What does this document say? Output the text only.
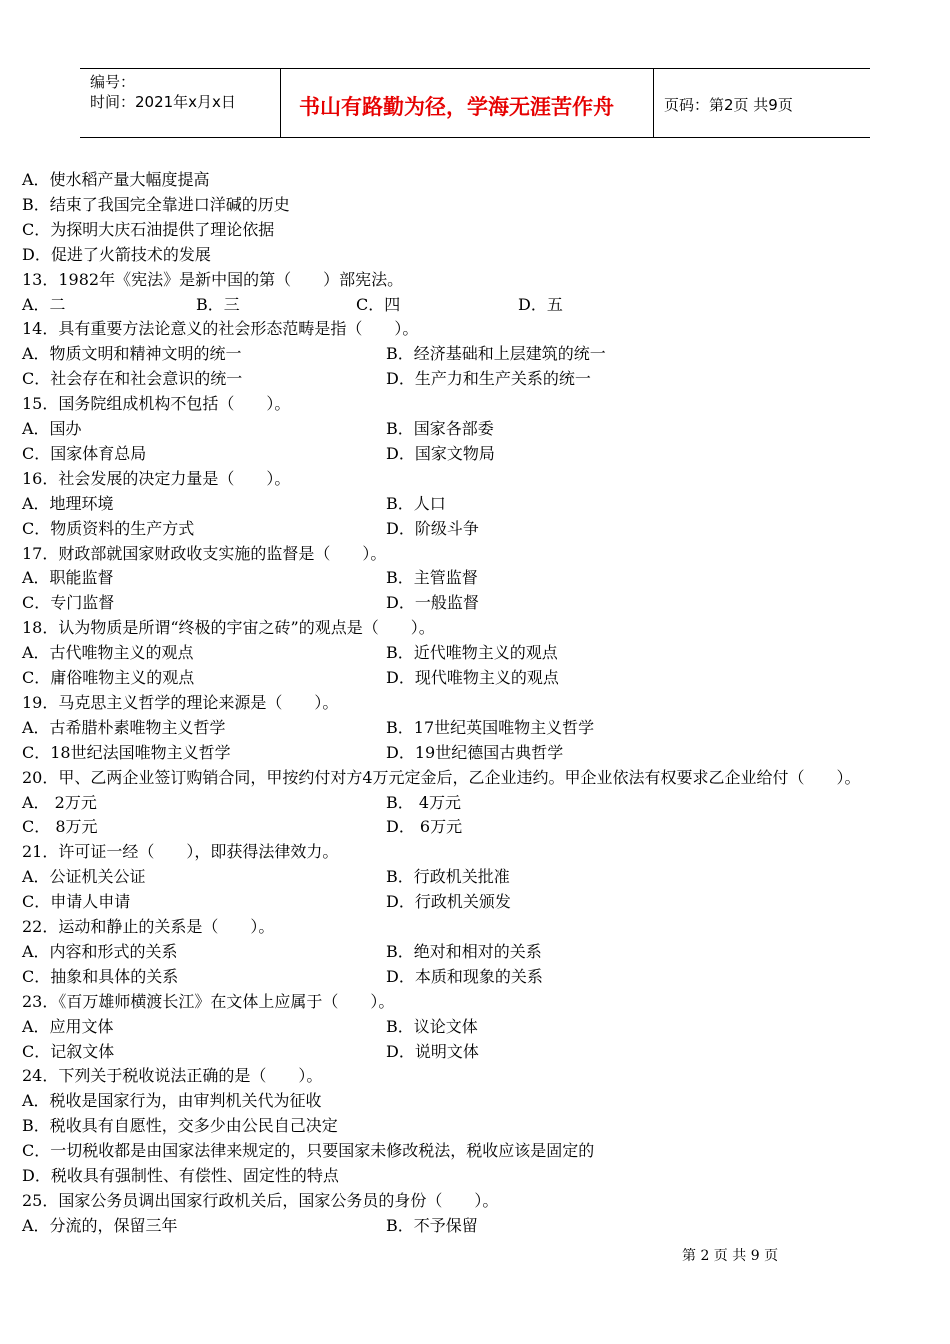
编号：
时间：2021年x月x日	书山有路勤为径，学海无涯苦作舟	页码：第2页 共9页
A．使水稻产量大幅度提高
B．结束了我国完全靠进口洋碱的历史
C．为探明大庆石油提供了理论依据
D．促进了火箭技术的发展
13．1982年《宪法》是新中国的第（　　）部宪法。
A．二	B．三	C．四	D．五
14．具有重要方法论意义的社会形态范畴是指（　　）。
A．物质文明和精神文明的统一	B．经济基础和上层建筑的统一
C．社会存在和社会意识的统一	D．生产力和生产关系的统一
15．国务院组成机构不包括（　　）。
A．国办	B．国家各部委
C．国家体育总局	D．国家文物局
16．社会发展的决定力量是（　　）。
A．地理环境	B．人口
C．物质资料的生产方式	D．阶级斗争
17．财政部就国家财政收支实施的监督是（　　）。
A．职能监督	B．主管监督
C．专门监督	D．一般监督
18．认为物质是所谓“终极的宇宙之砖”的观点是（　　）。
A．古代唯物主义的观点	B．近代唯物主义的观点
C．庸俗唯物主义的观点	D．现代唯物主义的观点
19．马克思主义哲学的理论来源是（　　）。
A．古希腊朴素唯物主义哲学	B．17世纪英国唯物主义哲学
C．18世纪法国唯物主义哲学	D．19世纪德国古典哲学
20．甲、乙两企业签订购销合同，甲按约付对方4万元定金后，乙企业违约。甲企业依法有权要求乙企业给付（　　）。
A． 2万元	B． 4万元
C． 8万元	D． 6万元
21．许可证一经（　　），即获得法律效力。
A．公证机关公证	B．行政机关批准
C．申请人申请	D．行政机关颁发
22．运动和静止的关系是（　　）。
A．内容和形式的关系	B．绝对和相对的关系
C．抽象和具体的关系	D．本质和现象的关系
23．《百万雄师横渡长江》在文体上应属于（　　）。
A．应用文体	B．议论文体
C．记叙文体	D．说明文体
24．下列关于税收说法正确的是（　　）。
A．税收是国家行为，由审判机关代为征收
B．税收具有自愿性，交多少由公民自己决定
C．一切税收都是由国家法律来规定的，只要国家未修改税法，税收应该是固定的
D．税收具有强制性、有偿性、固定性的特点
25．国家公务员调出国家行政机关后，国家公务员的身份（　　）。
A．分流的，保留三年	B．不予保留
第 2 页 共 9 页
